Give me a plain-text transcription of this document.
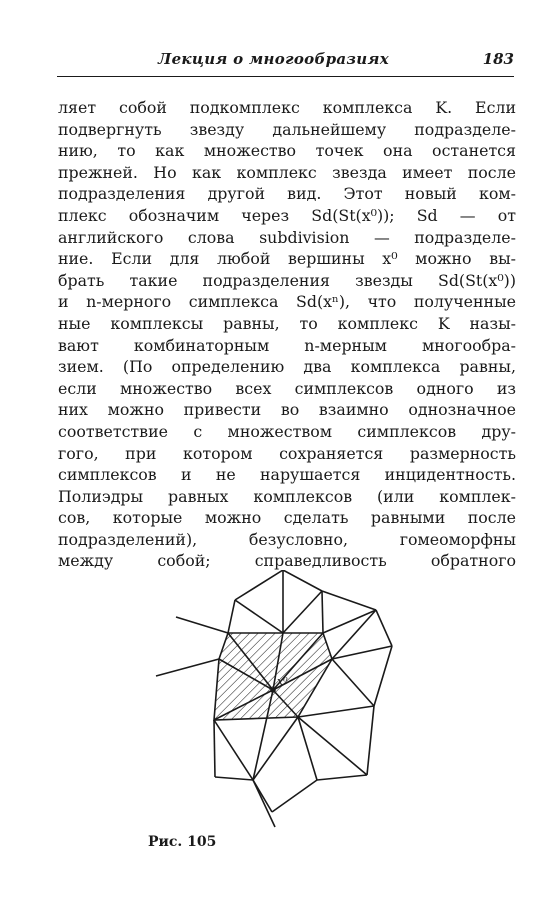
Лекция о многообразиях	183
ляет собой подкомплекс комплекса K. Если
подвергнуть звезду дальнейшему подразделе-
нию, то как множество точек она останется
прежней. Но как комплекс звезда имеет после
подразделения другой вид. Этот новый ком-
плекс обозначим через Sd(St(x⁰)); Sd — от
английского слова subdivision — подразделе-
ние. Если для любой вершины x⁰ можно вы-
брать такие подразделения звезды Sd(St(x⁰))
и n-мерного симплекса Sd(xⁿ), что полученные
ные комплексы равны, то комплекс K назы-
вают комбинаторным n-мерным многообра-
зием. (По определению два комплекса равны,
если множество всех симплексов одного из
них можно привести во взаимно однозначное
соответствие с множеством симплексов дру-
гого, при котором сохраняется размерность
симплексов и не нарушается инцидентность.
Полиэдры равных комплексов (или комплек-
сов, которые можно сделать равными после
подразделений), безусловно, гомеоморфны
между собой; справедливость обратного
x⁰
Рис. 105
